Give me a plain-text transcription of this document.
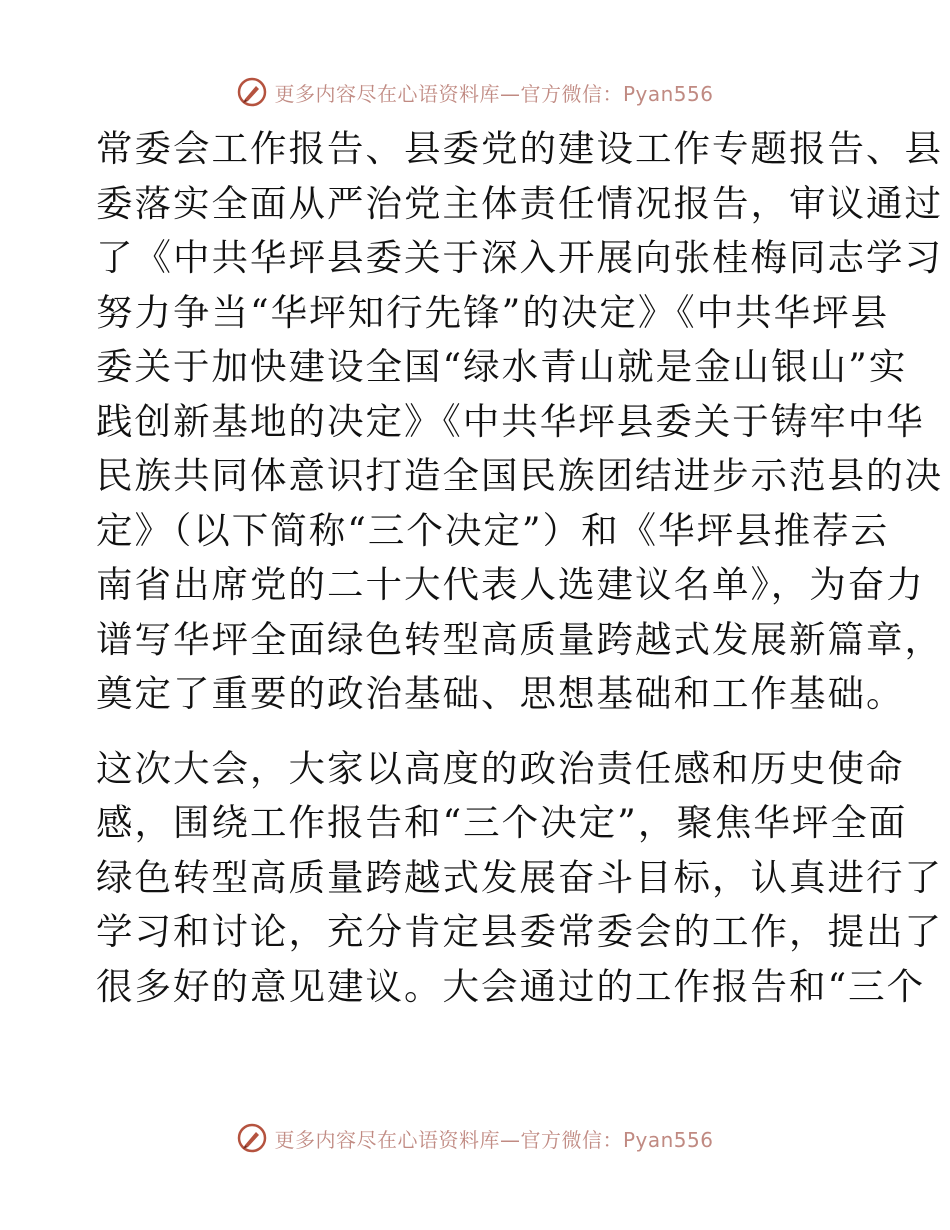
更多内容尽在心语资料库—官方微信：Pyan556

常委会工作报告、县委党的建设工作专题报告、县
委落实全面从严治党主体责任情况报告，审议通过
了《中共华坪县委关于深入开展向张桂梅同志学习
努力争当“华坪知行先锋”的决定》《中共华坪县
委关于加快建设全国“绿水青山就是金山银山”实
践创新基地的决定》《中共华坪县委关于铸牢中华
民族共同体意识打造全国民族团结进步示范县的决
定》（以下简称“三个决定”）和《华坪县推荐云
南省出席党的二十大代表人选建议名单》，为奋力
谱写华坪全面绿色转型高质量跨越式发展新篇章，
奠定了重要的政治基础、思想基础和工作基础。

这次大会，大家以高度的政治责任感和历史使命
感，围绕工作报告和“三个决定”，聚焦华坪全面
绿色转型高质量跨越式发展奋斗目标，认真进行了
学习和讨论，充分肯定县委常委会的工作，提出了
很多好的意见建议。大会通过的工作报告和“三个

更多内容尽在心语资料库—官方微信：Pyan556
